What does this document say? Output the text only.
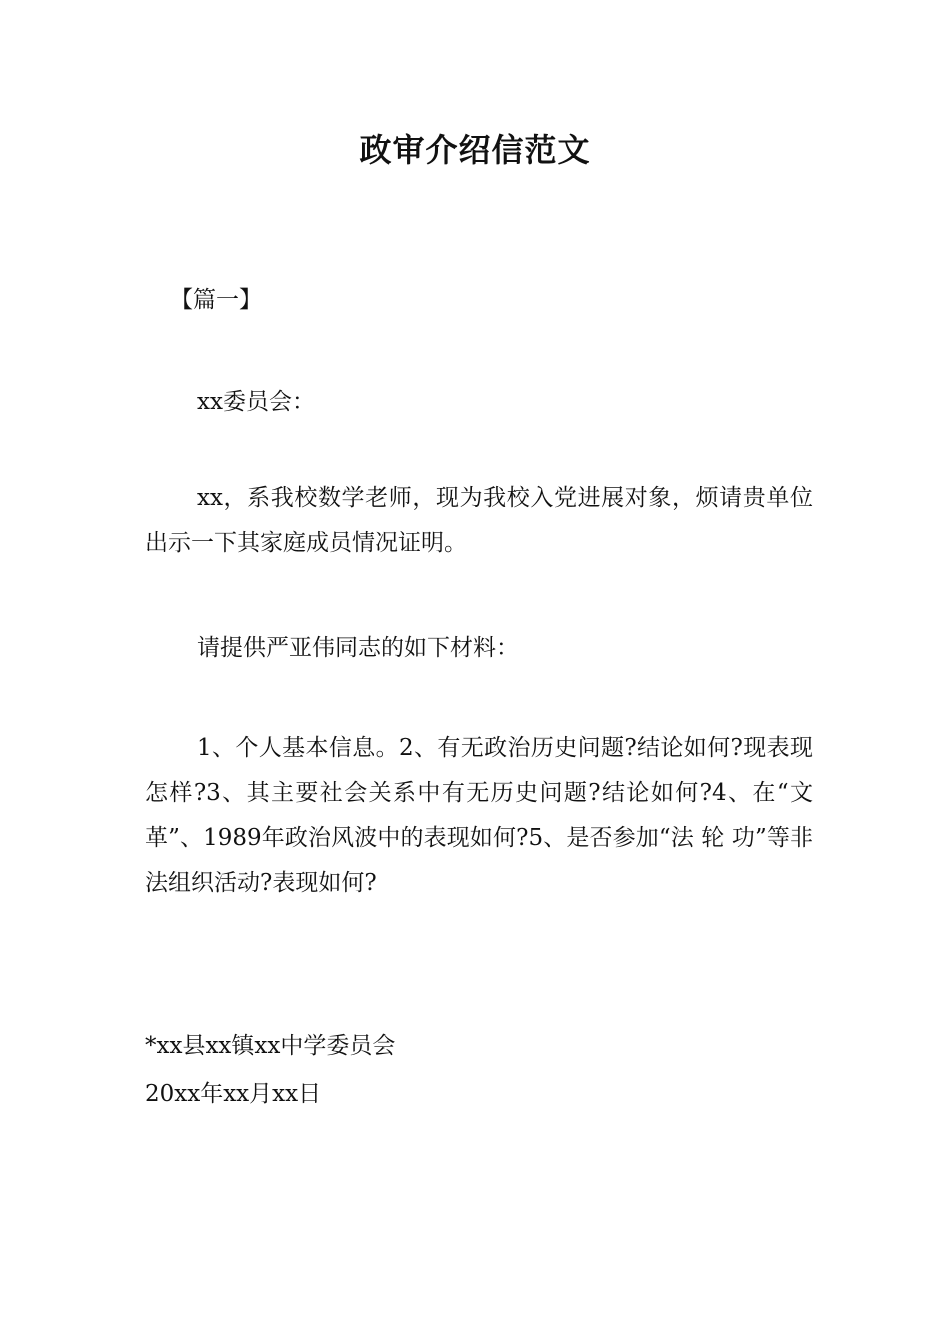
政审介绍信范文
【篇一】

xx委员会：

xx，系我校数学老师，现为我校入党进展对象，烦请贵单位出示一下其家庭成员情况证明。

请提供严亚伟同志的如下材料：

1、个人基本信息。2、有无政治历史问题?结论如何?现表现怎样?3、其主要社会关系中有无历史问题?结论如何?4、在“文 革”、1989年政治风波中的表现如何?5、是否参加“法 轮 功”等非法组织活动?表现如何?

*xx县xx镇xx中学委员会
20xx年xx月xx日
